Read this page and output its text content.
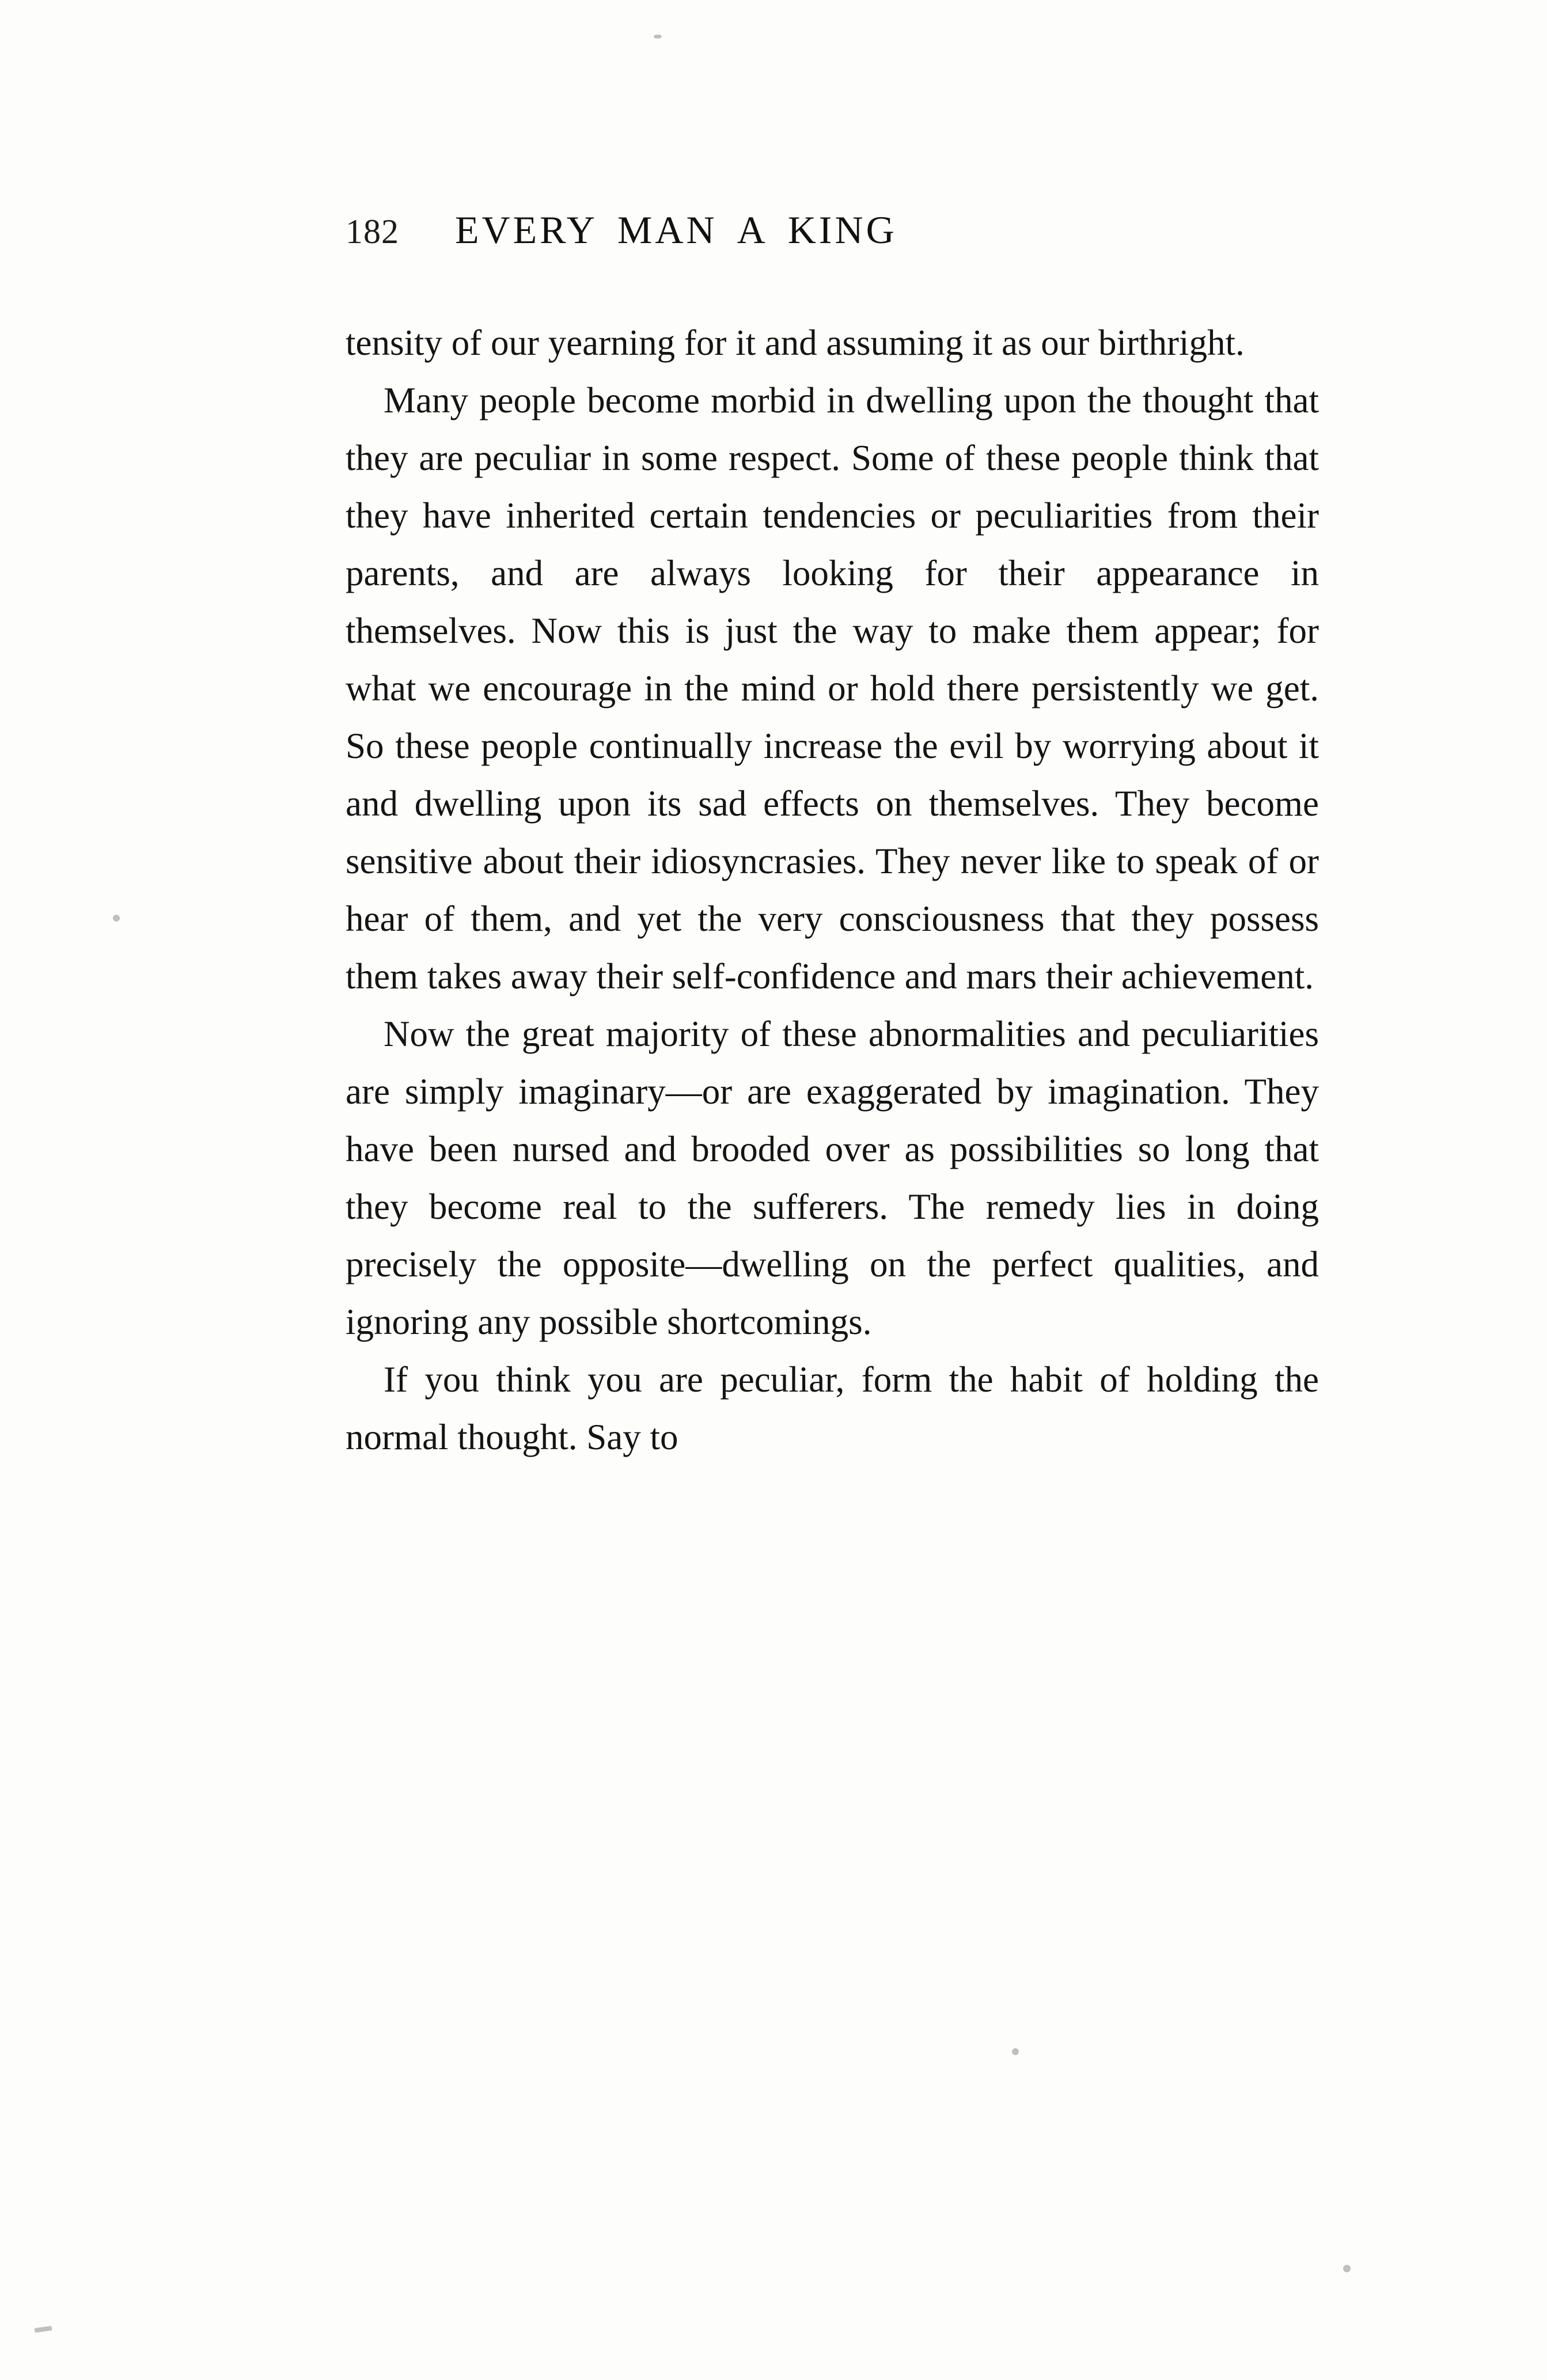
182	EVERY MAN A KING

tensity of our yearning for it and assuming it as our birthright.

Many people become morbid in dwelling upon the thought that they are peculiar in some respect. Some of these people think that they have inherited certain tendencies or peculiarities from their parents, and are always looking for their appearance in themselves. Now this is just the way to make them appear; for what we encourage in the mind or hold there persistently we get. So these people continually increase the evil by worrying about it and dwelling upon its sad effects on themselves. They become sensitive about their idiosyncrasies. They never like to speak of or hear of them, and yet the very consciousness that they possess them takes away their self-confidence and mars their achievement.

Now the great majority of these abnormalities and peculiarities are simply imaginary—or are exaggerated by imagination. They have been nursed and brooded over as possibilities so long that they become real to the sufferers. The remedy lies in doing precisely the opposite—dwelling on the perfect qualities, and ignoring any possible shortcomings.

If you think you are peculiar, form the habit of holding the normal thought. Say to
